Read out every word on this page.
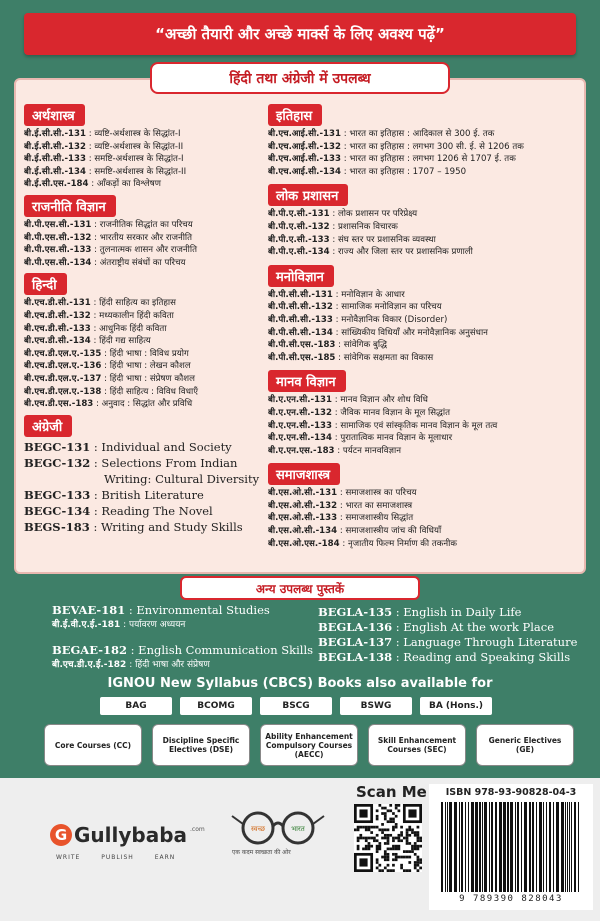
“अच्छी तैयारी और अच्छे मार्क्स के लिए अवश्य पढ़ें”
हिंदी तथा अंग्रेजी में उपलब्ध
अर्थशास्त्र
बी.ई.सी.सी.-131 : व्यष्टि-अर्थशास्त्र के सिद्धांत-I
बी.ई.सी.सी.-132 : व्यष्टि-अर्थशास्त्र के सिद्धांत-II
बी.ई.सी.सी.-133 : समष्टि-अर्थशास्त्र के सिद्धांत-I
बी.ई.सी.सी.-134 : समष्टि-अर्थशास्त्र के सिद्धांत-II
बी.ई.सी.एस.-184 : आँकड़ों का विश्लेषण
राजनीति विज्ञान
बी.पी.एस.सी.-131 : राजनीतिक सिद्धांत का परिचय
बी.पी.एस.सी.-132 : भारतीय सरकार और राजनीति
बी.पी.एस.सी.-133 : तुलनात्मक शासन और राजनीति
बी.पी.एस.सी.-134 : अंतराष्ट्रीय संबंधों का परिचय
हिन्दी
बी.एच.डी.सी.-131 : हिंदी साहित्य का इतिहास
बी.एच.डी.सी.-132 : मध्यकालीन हिंदी कविता
बी.एच.डी.सी.-133 : आधुनिक हिंदी कविता
बी.एच.डी.सी.-134 : हिंदी गद्य साहित्य
बी.एच.डी.एल.ए.-135 : हिंदी भाषा : विविध प्रयोग
बी.एच.डी.एल.ए.-136 : हिंदी भाषा : लेखन कौशल
बी.एच.डी.एल.ए.-137 : हिंदी भाषा : संप्रेषण कौशल
बी.एच.डी.एल.ए.-138 : हिंदी साहित्य : विविध विधाएँ
बी.एच.डी.एस.-183 : अनुवाद : सिद्धांत और प्रविधि
अंग्रेजी
BEGC-131 : Individual and Society
BEGC-132 : Selections From Indian
Writing: Cultural Diversity
BEGC-133 : British Literature
BEGC-134 : Reading The Novel
BEGS-183 : Writing and Study Skills
इतिहास
बी.एच.आई.सी.-131 : भारत का इतिहास : आदिकाल से 300 ई. तक
बी.एच.आई.सी.-132 : भारत का इतिहास : लगभग 300 सी. ई. से 1206 तक
बी.एच.आई.सी.-133 : भारत का इतिहास : लगभग 1206 से 1707 ई. तक
बी.एच.आई.सी.-134 : भारत का इतिहास : 1707 – 1950
लोक प्रशासन
बी.पी.ए.सी.-131 : लोक प्रशासन पर परिप्रेक्ष्य
बी.पी.ए.सी.-132 : प्रशासनिक विचारक
बी.पी.ए.सी.-133 : संघ स्तर पर प्रशासनिक व्यवस्था
बी.पी.ए.सी.-134 : राज्य और जिला स्तर पर प्रशासनिक प्रणाली
मनोविज्ञान
बी.पी.सी.सी.-131 : मनोविज्ञान के आधार
बी.पी.सी.सी.-132 : सामाजिक मनोविज्ञान का परिचय
बी.पी.सी.सी.-133 : मनोवैज्ञानिक विकार (Disorder)
बी.पी.सी.सी.-134 : सांख्यिकीय विधियाँ और मनोवैज्ञानिक अनुसंधान
बी.पी.सी.एस.-183 : सांवेगिक बुद्धि
बी.पी.सी.एस.-185 : सांवेगिक सक्षमता का विकास
मानव विज्ञान
बी.ए.एन.सी.-131 : मानव विज्ञान और शोध विधि
बी.ए.एन.सी.-132 : जैविक मानव विज्ञान के मूल सिद्धांत
बी.ए.एन.सी.-133 : सामाजिक एवं सांस्कृतिक मानव विज्ञान के मूल तत्व
बी.ए.एन.सी.-134 : पुरातात्विक मानव विज्ञान के मूलाधार
बी.ए.एन.एस.-183 : पर्यटन मानवविज्ञान
समाजशास्त्र
बी.एस.ओ.सी.-131 : समाजशास्त्र का परिचय
बी.एस.ओ.सी.-132 : भारत का समाजशास्त्र
बी.एस.ओ.सी.-133 : समाजशास्त्रीय सिद्धांत
बी.एस.ओ.सी.-134 : समाजशास्त्रीय जांच की विधियाँ
बी.एस.ओ.एस.-184 : नृजातीय फिल्म निर्माण की तकनीक
अन्य उपलब्ध पुस्तकें
BEVAE-181 : Environmental Studies
बी.ई.वी.ए.ई.-181 : पर्यावरण अध्ययन
BEGAE-182 : English Communication Skills
बी.एच.डी.ए.ई.-182 : हिंदी भाषा और संप्रेषण
BEGLA-135 : English in Daily Life
BEGLA-136 : English At the work Place
BEGLA-137 : Language Through Literature
BEGLA-138 : Reading and Speaking Skills
IGNOU New Syllabus (CBCS) Books also available for
BAG	BCOMG	BSCG	BSWG	BA (Hons.)
Core Courses (CC)	Discipline Specific Electives (DSE)
Ability Enhancement Compulsory Courses (AECC)
Skill Enhancement Courses (SEC)
Generic Electives (GE)
G Gullybaba .com
WRITE	PUBLISH	EARN
स्वच्छ	भारत
एक कदम स्वच्छता की ओर
Scan Me	ISBN 978-93-90828-04-3
9 789390 828043
